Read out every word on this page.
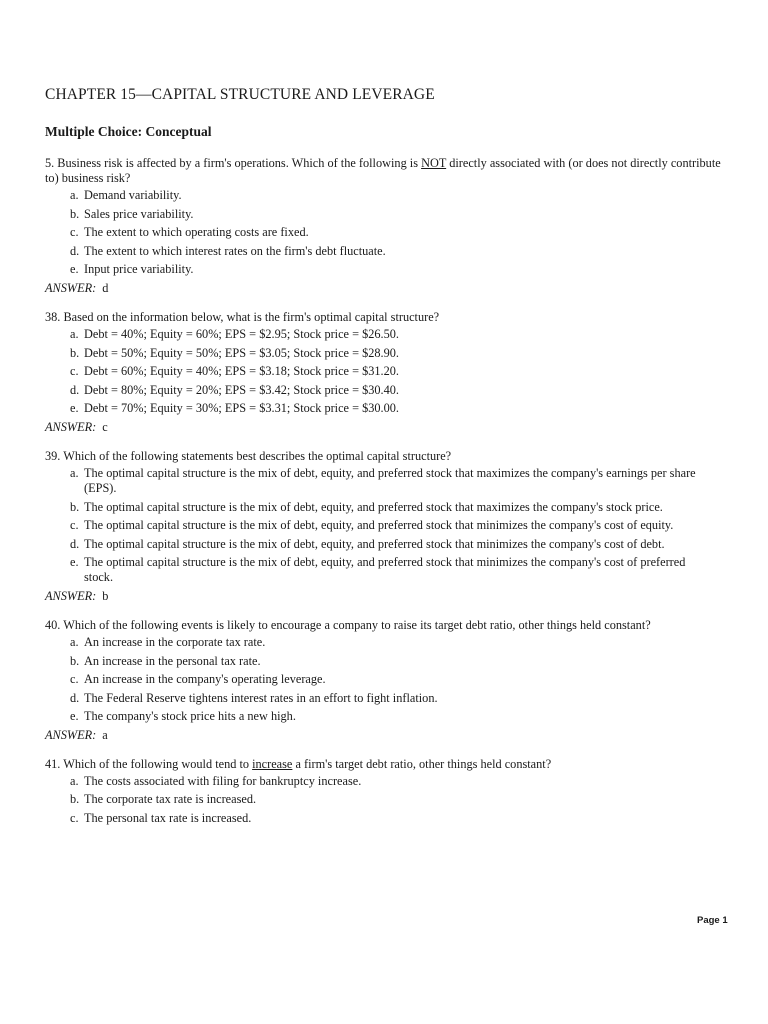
CHAPTER 15—CAPITAL STRUCTURE AND LEVERAGE
Multiple Choice: Conceptual
5. Business risk is affected by a firm's operations. Which of the following is NOT directly associated with (or does not directly contribute to) business risk?
a. Demand variability.
b. Sales price variability.
c. The extent to which operating costs are fixed.
d. The extent to which interest rates on the firm's debt fluctuate.
e. Input price variability.
ANSWER: d
38. Based on the information below, what is the firm's optimal capital structure?
a. Debt = 40%; Equity = 60%; EPS = $2.95; Stock price = $26.50.
b. Debt = 50%; Equity = 50%; EPS = $3.05; Stock price = $28.90.
c. Debt = 60%; Equity = 40%; EPS = $3.18; Stock price = $31.20.
d. Debt = 80%; Equity = 20%; EPS = $3.42; Stock price = $30.40.
e. Debt = 70%; Equity = 30%; EPS = $3.31; Stock price = $30.00.
ANSWER: c
39. Which of the following statements best describes the optimal capital structure?
a. The optimal capital structure is the mix of debt, equity, and preferred stock that maximizes the company's earnings per share (EPS).
b. The optimal capital structure is the mix of debt, equity, and preferred stock that maximizes the company's stock price.
c. The optimal capital structure is the mix of debt, equity, and preferred stock that minimizes the company's cost of equity.
d. The optimal capital structure is the mix of debt, equity, and preferred stock that minimizes the company's cost of debt.
e. The optimal capital structure is the mix of debt, equity, and preferred stock that minimizes the company's cost of preferred stock.
ANSWER: b
40. Which of the following events is likely to encourage a company to raise its target debt ratio, other things held constant?
a. An increase in the corporate tax rate.
b. An increase in the personal tax rate.
c. An increase in the company's operating leverage.
d. The Federal Reserve tightens interest rates in an effort to fight inflation.
e. The company's stock price hits a new high.
ANSWER: a
41. Which of the following would tend to increase a firm's target debt ratio, other things held constant?
a. The costs associated with filing for bankruptcy increase.
b. The corporate tax rate is increased.
c. The personal tax rate is increased.
Page 1
